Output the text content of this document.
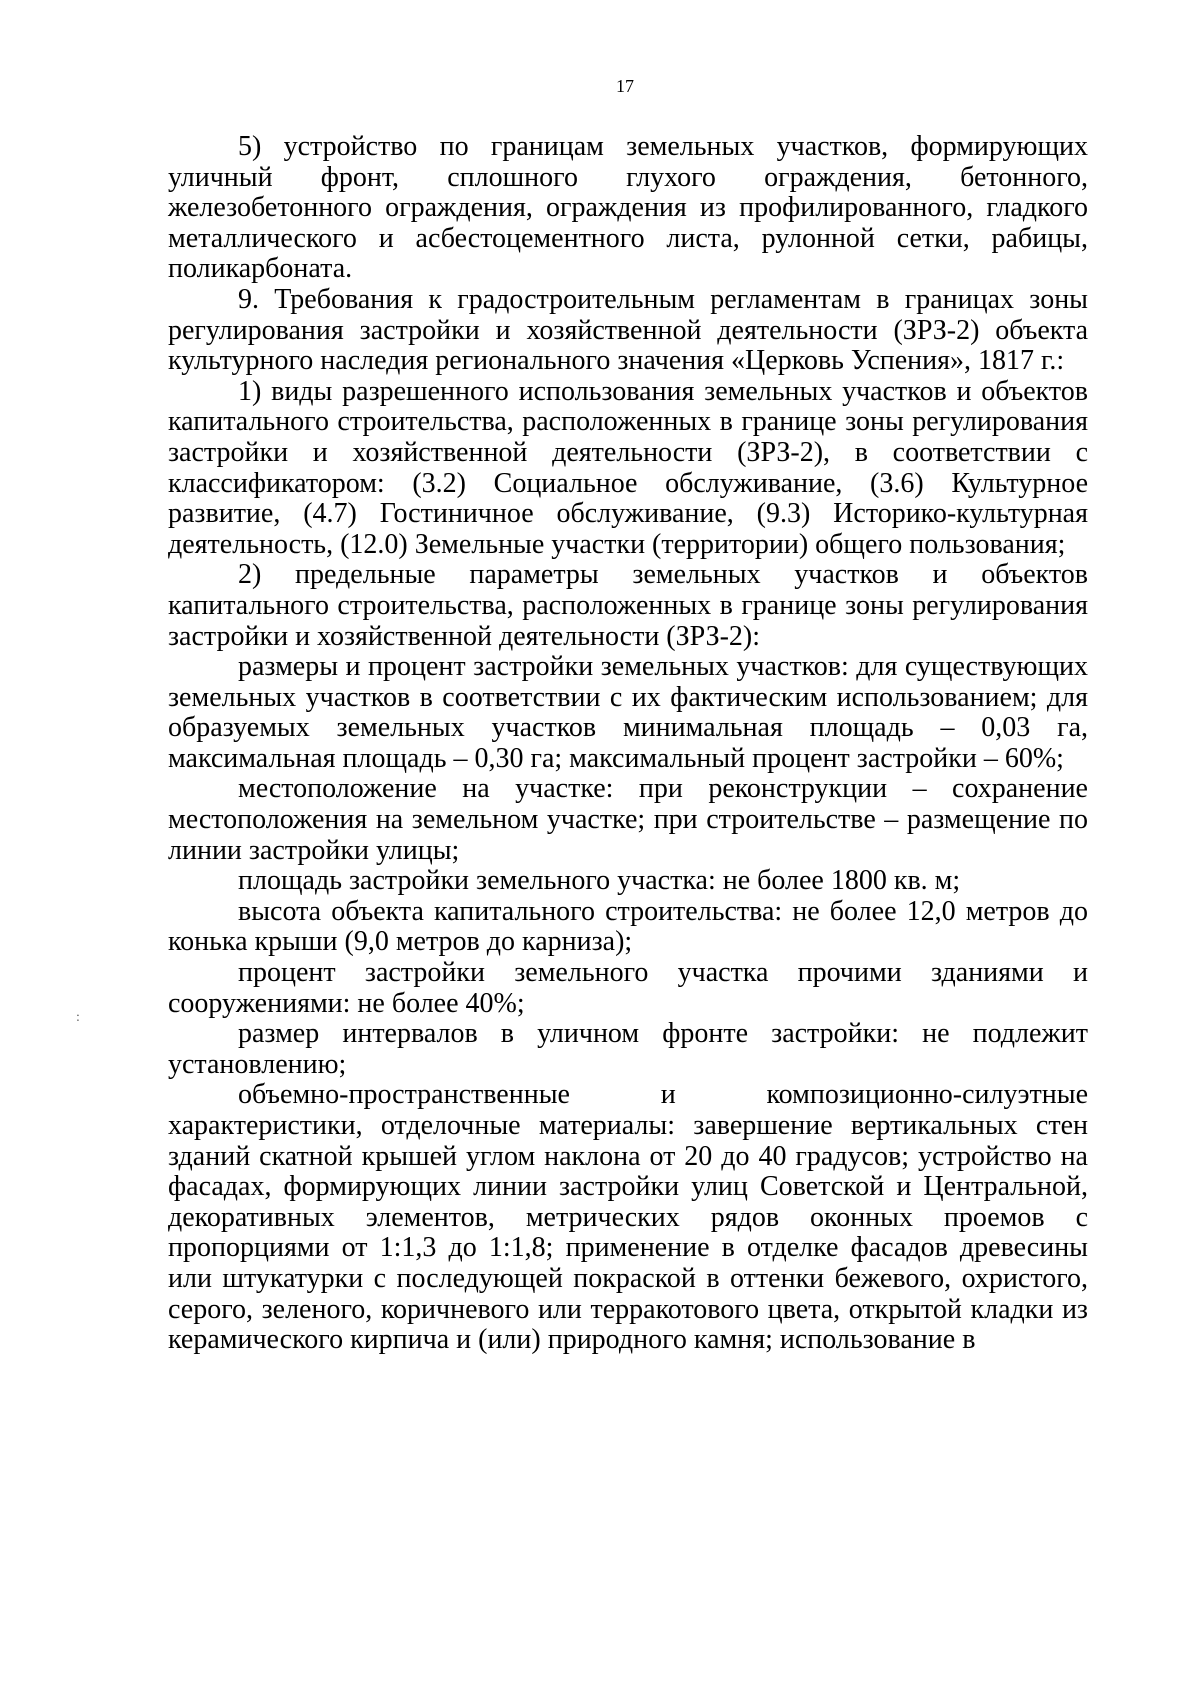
17
:

5) устройство по границам земельных участков, формирующих уличный фронт, сплошного глухого ограждения, бетонного, железобетонного ограждения, ограждения из профилированного, гладкого металлического и асбестоцементного листа, рулонной сетки, рабицы, поликарбоната.

9. Требования к градостроительным регламентам в границах зоны регулирования застройки и хозяйственной деятельности (ЗРЗ-2) объекта культурного наследия регионального значения «Церковь Успения», 1817 г.:

1) виды разрешенного использования земельных участков и объектов капитального строительства, расположенных в границе зоны регулирования застройки и хозяйственной деятельности (ЗРЗ-2), в соответствии с классификатором: (3.2) Социальное обслуживание, (3.6) Культурное развитие, (4.7) Гостиничное обслуживание, (9.3) Историко-культурная деятельность, (12.0) Земельные участки (территории) общего пользования;

2) предельные параметры земельных участков и объектов капитального строительства, расположенных в границе зоны регулирования застройки и хозяйственной деятельности (ЗРЗ-2):

размеры и процент застройки земельных участков: для существующих земельных участков в соответствии с их фактическим использованием; для образуемых земельных участков минимальная площадь – 0,03 га, максимальная площадь – 0,30 га; максимальный процент застройки – 60%;

местоположение на участке: при реконструкции – сохранение местоположения на земельном участке; при строительстве – размещение по линии застройки улицы;

площадь застройки земельного участка: не более 1800 кв. м;

высота объекта капитального строительства: не более 12,0 метров до конька крыши (9,0 метров до карниза);

процент застройки земельного участка прочими зданиями и сооружениями: не более 40%;

размер интервалов в уличном фронте застройки: не подлежит установлению;

объемно-пространственные и композиционно-силуэтные характеристики, отделочные материалы: завершение вертикальных стен зданий скатной крышей углом наклона от 20 до 40 градусов; устройство на фасадах, формирующих линии застройки улиц Советской и Центральной, декоративных элементов, метрических рядов оконных проемов с пропорциями от 1:1,3 до 1:1,8; применение в отделке фасадов древесины или штукатурки с последующей покраской в оттенки бежевого, охристого, серого, зеленого, коричневого или терракотового цвета, открытой кладки из керамического кирпича и (или) природного камня; использование в
